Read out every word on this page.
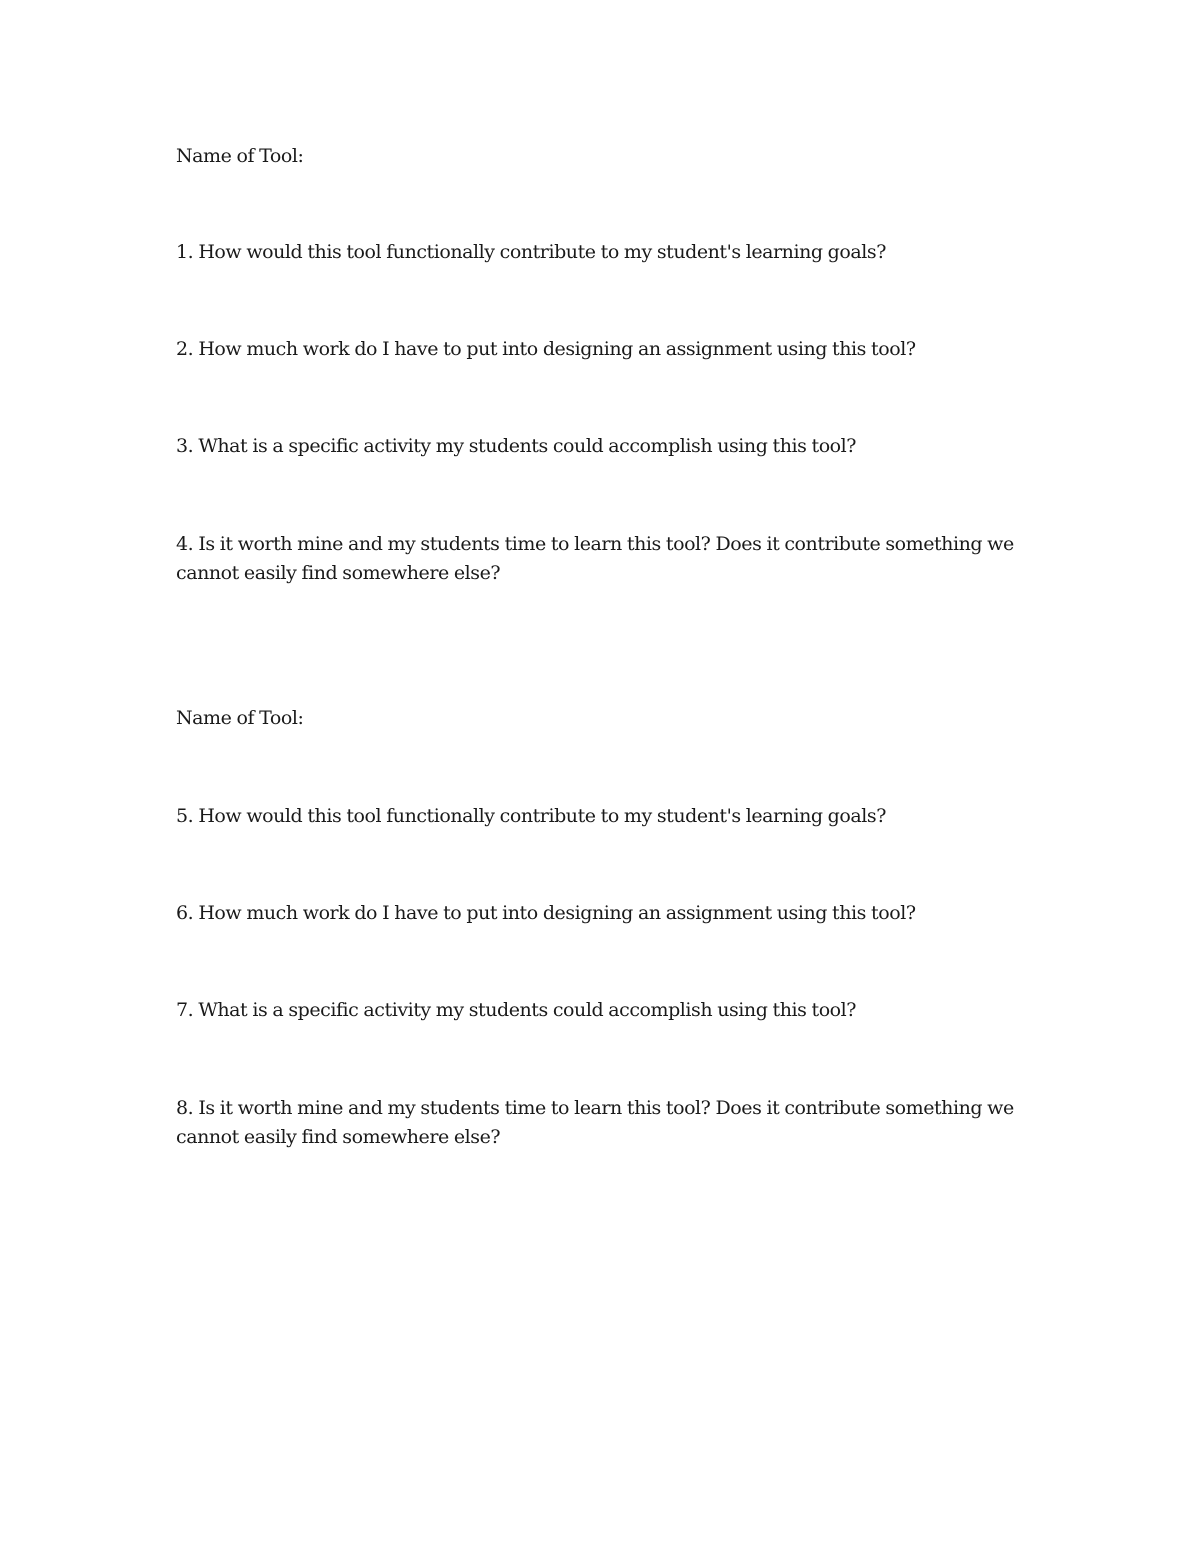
Name of Tool:
1. How would this tool functionally contribute to my student's learning goals?
2. How much work do I have to put into designing an assignment using this tool?
3. What is a specific activity my students could accomplish using this tool?
4. Is it worth mine and my students time to learn this tool? Does it contribute something we cannot easily find somewhere else?
Name of Tool:
5. How would this tool functionally contribute to my student's learning goals?
6. How much work do I have to put into designing an assignment using this tool?
7. What is a specific activity my students could accomplish using this tool?
8. Is it worth mine and my students time to learn this tool? Does it contribute something we cannot easily find somewhere else?
